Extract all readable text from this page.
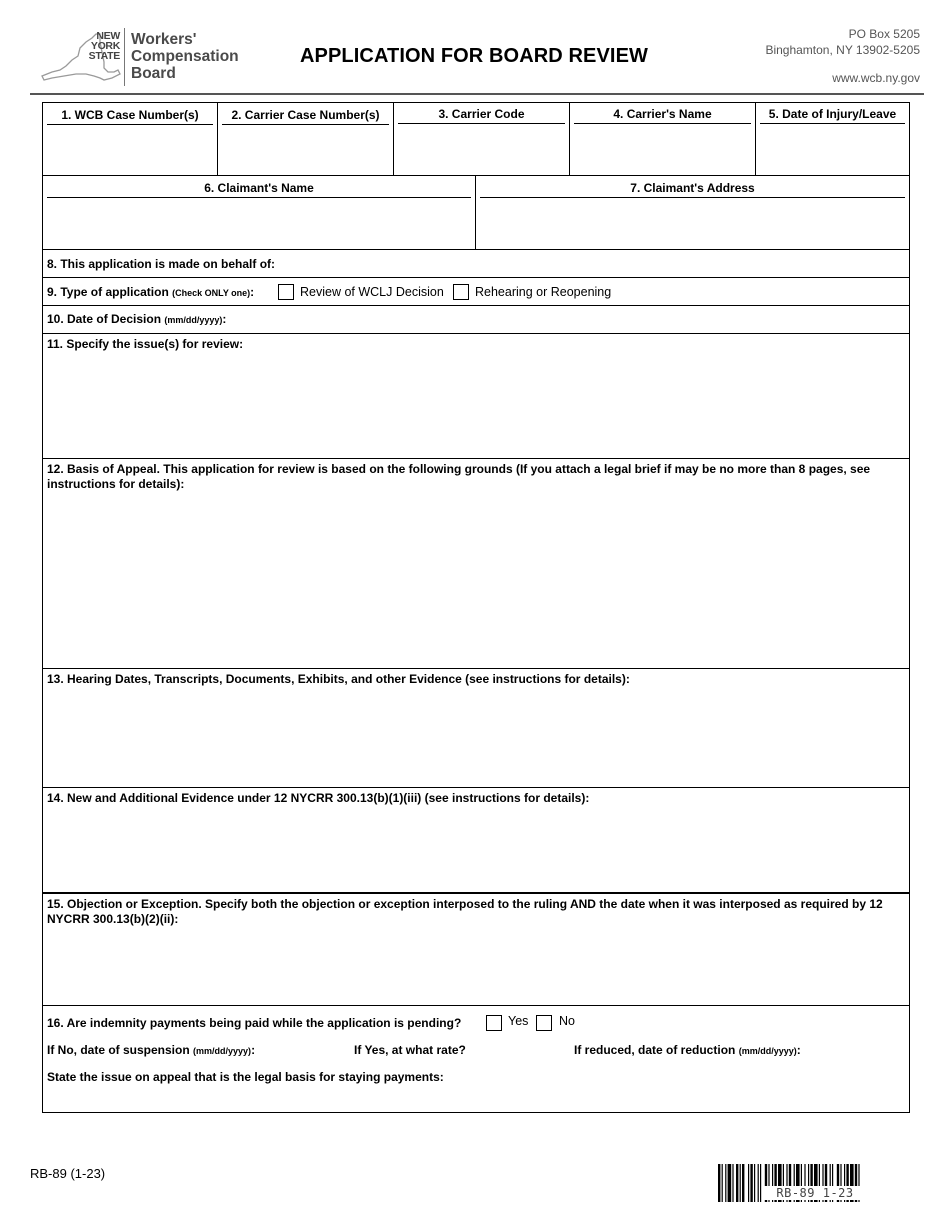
NEW
YORK
STATE
Workers'
Compensation
Board
APPLICATION FOR BOARD REVIEW
PO Box 5205
Binghamton, NY 13902-5205
www.wcb.ny.gov
1. WCB Case Number(s)	2. Carrier Case Number(s)	3. Carrier Code	4. Carrier's Name	5. Date of Injury/Leave
6. Claimant's Name	7. Claimant's Address
8. This application is made on behalf of:
9. Type of application (Check ONLY one):	Review of WCLJ Decision Rehearing or Reopening
10. Date of Decision (mm/dd/yyyy):
11. Specify the issue(s) for review:
12. Basis of Appeal. This application for review is based on the following grounds (If you attach a legal brief if may be no more than 8 pages, see instructions for details):
13. Hearing Dates, Transcripts, Documents, Exhibits, and other Evidence (see instructions for details):
14. New and Additional Evidence under 12 NYCRR 300.13(b)(1)(iii) (see instructions for details):
15. Objection or Exception. Specify both the objection or exception interposed to the ruling AND the date when it was interposed as required by 12 NYCRR 300.13(b)(2)(ii):
16. Are indemnity payments being paid while the application is pending?	Yes No
If No, date of suspension (mm/dd/yyyy):	If Yes, at what rate?	If reduced, date of reduction (mm/dd/yyyy):
State the issue on appeal that is the legal basis for staying payments:
RB-89 (1-23)
RB-89 1-23
